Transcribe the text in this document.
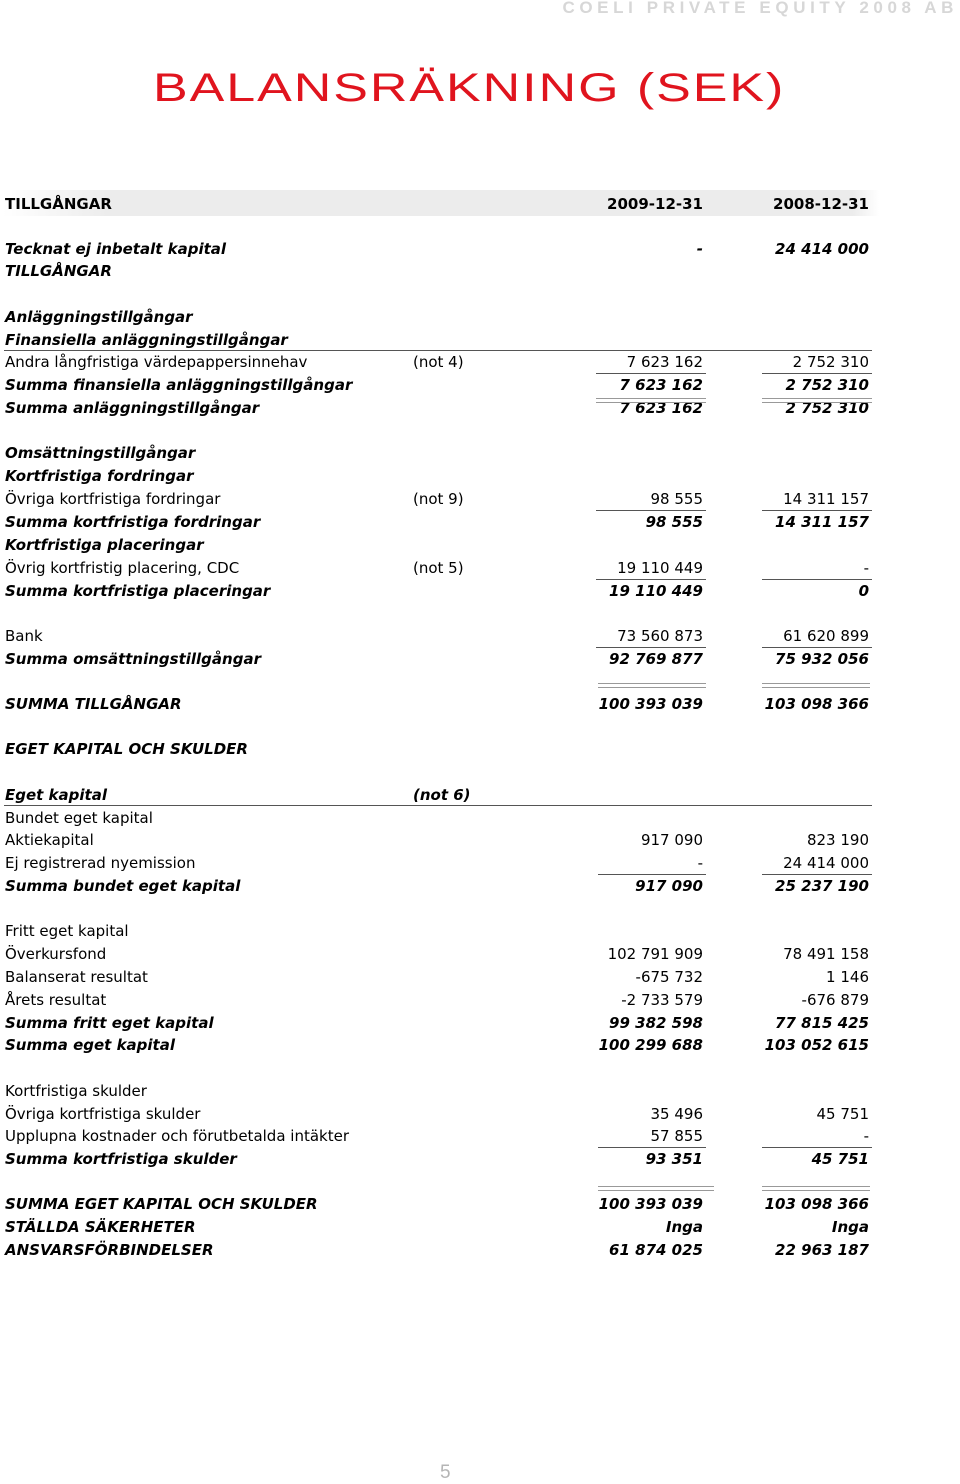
COELI PRIVATE EQUITY 2008 AB
BALANSRÄKNING (SEK)
TILLGÅNGAR	2009-12-31	2008-12-31
Tecknat ej inbetalt kapital	-	24 414 000
TILLGÅNGAR
Anläggningstillgångar
Finansiella anläggningstillgångar
Andra långfristiga värdepappersinnehav	(not 4)	7 623 162	2 752 310
Summa finansiella anläggningstillgångar	7 623 162	2 752 310
Summa anläggningstillgångar	7 623 162	2 752 310
Omsättningstillgångar
Kortfristiga fordringar
Övriga kortfristiga fordringar	(not 9)	98 555	14 311 157
Summa kortfristiga fordringar	98 555	14 311 157
Kortfristiga placeringar
Övrig kortfristig placering, CDC	(not 5)	19 110 449	-
Summa kortfristiga placeringar	19 110 449	0
Bank	73 560 873	61 620 899
Summa omsättningstillgångar	92 769 877	75 932 056
SUMMA TILLGÅNGAR	100 393 039	103 098 366
EGET KAPITAL OCH SKULDER
Eget kapital	(not 6)
Bundet eget kapital
Aktiekapital	917 090	823 190
Ej registrerad nyemission	-	24 414 000
Summa bundet eget kapital	917 090	25 237 190
Fritt eget kapital
Överkursfond	102 791 909	78 491 158
Balanserat resultat	-675 732	1 146
Årets resultat	-2 733 579	-676 879
Summa fritt eget kapital	99 382 598	77 815 425
Summa eget kapital	100 299 688	103 052 615
Kortfristiga skulder
Övriga kortfristiga skulder	35 496	45 751
Upplupna kostnader och förutbetalda intäkter	57 855	-
Summa kortfristiga skulder	93 351	45 751
SUMMA EGET KAPITAL OCH SKULDER	100 393 039	103 098 366
STÄLLDA SÄKERHETER	Inga	Inga
ANSVARSFÖRBINDELSER	61 874 025	22 963 187
5
